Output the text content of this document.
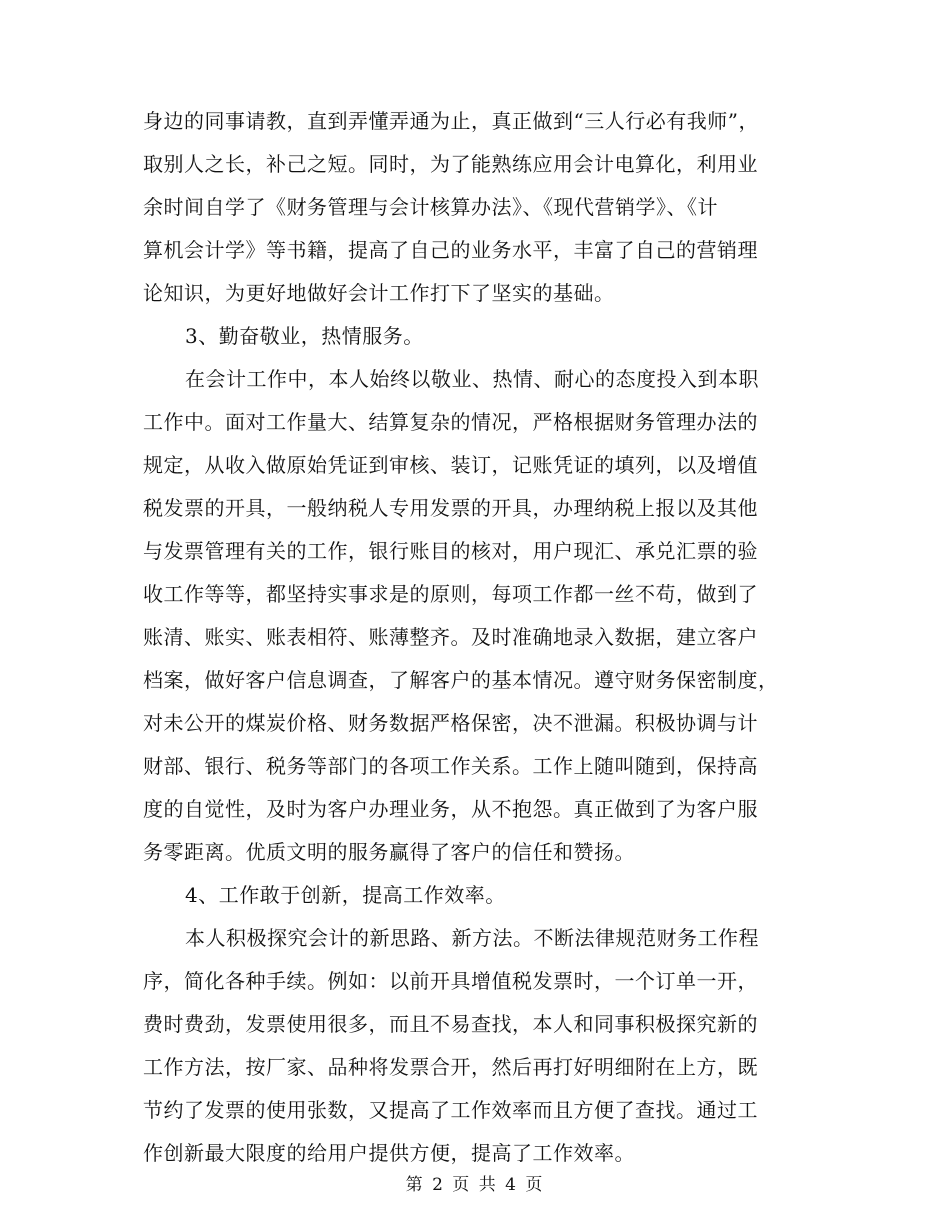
身边的同事请教，直到弄懂弄通为止，真正做到“三人行必有我师”，
取别人之长，补己之短。同时，为了能熟练应用会计电算化，利用业
余时间自学了《财务管理与会计核算办法》、《现代营销学》、《计
算机会计学》等书籍，提高了自己的业务水平，丰富了自己的营销理
论知识，为更好地做好会计工作打下了坚实的基础。
3、勤奋敬业，热情服务。
在会计工作中，本人始终以敬业、热情、耐心的态度投入到本职
工作中。面对工作量大、结算复杂的情况，严格根据财务管理办法的
规定，从收入做原始凭证到审核、装订，记账凭证的填列，以及增值
税发票的开具，一般纳税人专用发票的开具，办理纳税上报以及其他
与发票管理有关的工作，银行账目的核对，用户现汇、承兑汇票的验
收工作等等，都坚持实事求是的原则，每项工作都一丝不苟，做到了
账清、账实、账表相符、账薄整齐。及时准确地录入数据，建立客户
档案，做好客户信息调查，了解客户的基本情况。遵守财务保密制度，
对未公开的煤炭价格、财务数据严格保密，决不泄漏。积极协调与计
财部、银行、税务等部门的各项工作关系。工作上随叫随到，保持高
度的自觉性，及时为客户办理业务，从不抱怨。真正做到了为客户服
务零距离。优质文明的服务赢得了客户的信任和赞扬。
4、工作敢于创新，提高工作效率。
本人积极探究会计的新思路、新方法。不断法律规范财务工作程
序，简化各种手续。例如：以前开具增值税发票时，一个订单一开，
费时费劲，发票使用很多，而且不易查找，本人和同事积极探究新的
工作方法，按厂家、品种将发票合开，然后再打好明细附在上方，既
节约了发票的使用张数，又提高了工作效率而且方便了查找。通过工
作创新最大限度的给用户提供方便，提高了工作效率。
第 2 页 共 4 页
